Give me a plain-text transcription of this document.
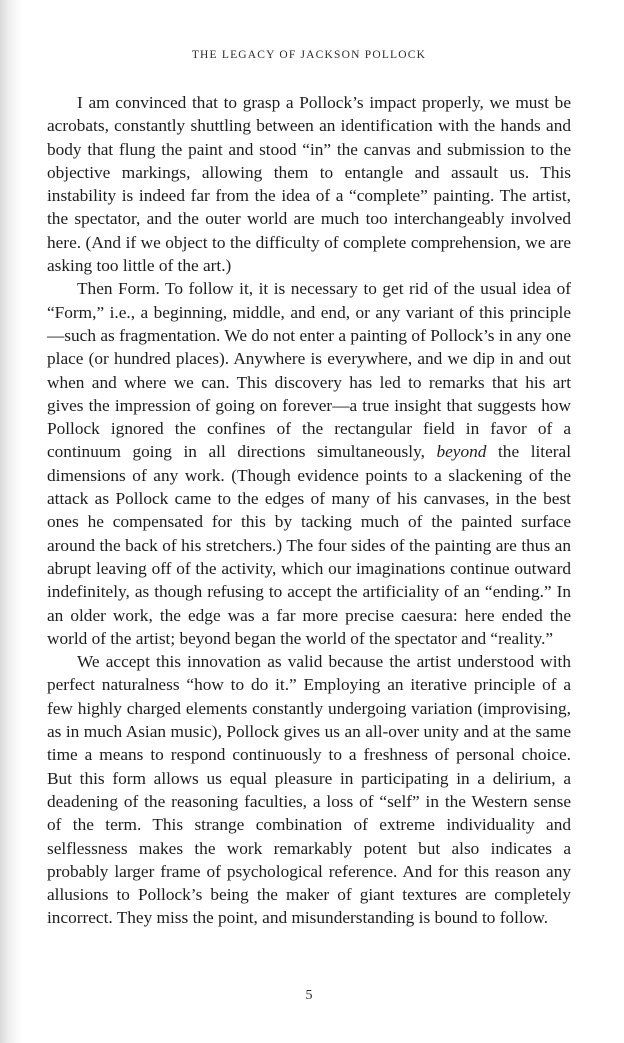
THE LEGACY OF JACKSON POLLOCK

I am convinced that to grasp a Pollock’s impact properly, we must be acrobats, constantly shuttling between an identification with the hands and body that flung the paint and stood “in” the canvas and submission to the objective markings, allowing them to entangle and assault us. This instability is indeed far from the idea of a “complete” painting. The artist, the spectator, and the outer world are much too interchangeably involved here. (And if we object to the difficulty of complete comprehension, we are asking too little of the art.)

Then Form. To follow it, it is necessary to get rid of the usual idea of “Form,” i.e., a beginning, middle, and end, or any variant of this principle—such as fragmentation. We do not enter a painting of Pollock’s in any one place (or hundred places). Anywhere is everywhere, and we dip in and out when and where we can. This discovery has led to remarks that his art gives the impression of going on forever—a true insight that suggests how Pollock ignored the confines of the rectangular field in favor of a continuum going in all directions simultaneously, beyond the literal dimensions of any work. (Though evidence points to a slackening of the attack as Pollock came to the edges of many of his canvases, in the best ones he compensated for this by tacking much of the painted surface around the back of his stretchers.) The four sides of the painting are thus an abrupt leaving off of the activity, which our imaginations continue outward indefinitely, as though refusing to accept the artificiality of an “ending.” In an older work, the edge was a far more precise caesura: here ended the world of the artist; beyond began the world of the spectator and “reality.”

We accept this innovation as valid because the artist understood with perfect naturalness “how to do it.” Employing an iterative principle of a few highly charged elements constantly undergoing variation (improvising, as in much Asian music), Pollock gives us an all-over unity and at the same time a means to respond continuously to a freshness of personal choice. But this form allows us equal pleasure in participating in a delirium, a deadening of the reasoning faculties, a loss of “self” in the Western sense of the term. This strange combination of extreme individuality and selflessness makes the work remarkably potent but also indicates a probably larger frame of psychological reference. And for this reason any allusions to Pollock’s being the maker of giant textures are completely incorrect. They miss the point, and misunderstanding is bound to follow.

5
